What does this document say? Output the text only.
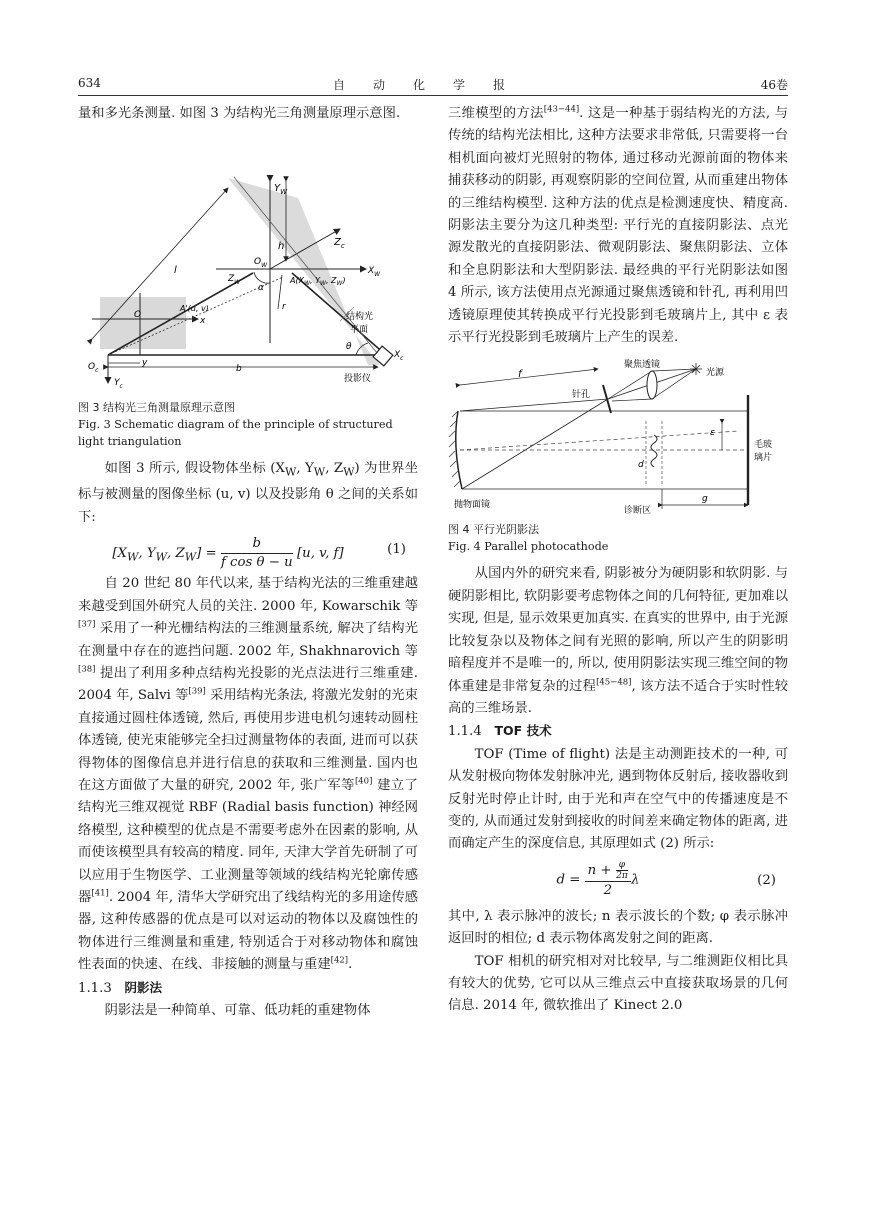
634	自动化学报	46卷

量和多光条测量. 如图 3 为结构光三角测量原理示意图.

$Y_W$
$Z_c$
h
l
$O_W$
$X_W$
$Z_W$
α
$A(X_W$, $Y_W$, $Z_W$)
r
结构光
平面
O
A'(u, v)
x
y
θ
$O_c$	b
$Y_c$
$X_c$
投影仪

图 3 结构光三角测量原理示意图

Fig. 3 Schematic diagram of the principle of structured

light triangulation

如图 3 所示, 假设物体坐标 ($X_W$, $Y_W$, $Z_W$) 为世界坐标与被测量的图像坐标 (u, v) 以及投影角 θ 之间的关系如下:

[$X_W$, $Y_W$, $Z_W] = \frac{b}{\text{f cos θ − u}} [u$, v, f]	(1)

自 20 世纪 80 年代以来, 基于结构光法的三维重建越来越受到国外研究人员的关注. 2000 年, Kowarschik 等[37] 采用了一种光栅结构法的三维测量系统, 解决了结构光在测量中存在的遮挡问题. 2002 年, Shakhnarovich 等[38] 提出了利用多种点结构光投影的光点法进行三维重建. 2004 年, Salvi 等[39] 采用结构光条法, 将激光发射的光束直接通过圆柱体透镜, 然后, 再使用步进电机匀速转动圆柱体透镜, 使光束能够完全扫过测量物体的表面, 进而可以获得物体的图像信息并进行信息的获取和三维测量. 国内也在这方面做了大量的研究, 2002 年, 张广军等[40] 建立了结构光三维双视觉 RBF (Radial basis function) 神经网络模型, 这种模型的优点是不需要考虑外在因素的影响, 从而使该模型具有较高的精度. 同年, 天津大学首先研制了可以应用于生物医学、工业测量等领域的线结构光轮廓传感器[41]. 2004 年, 清华大学研究出了线结构光的多用途传感器, 这种传感器的优点是可以对运动的物体以及腐蚀性的物体进行三维测量和重建, 特别适合于对移动物体和腐蚀性表面的快速、在线、非接触的测量与重建[42].

1.1.3 阴影法

阴影法是一种简单、可靠、低功耗的重建物体

三维模型的方法[43−44]. 这是一种基于弱结构光的方法, 与传统的结构光法相比, 这种方法要求非常低, 只需要将一台相机面向被灯光照射的物体, 通过移动光源前面的物体来捕获移动的阴影, 再观察阴影的空间位置, 从而重建出物体的三维结构模型. 这种方法的优点是检测速度快、精度高. 阴影法主要分为这几种类型: 平行光的直接阴影法、点光源发散光的直接阴影法、微观阴影法、聚焦阴影法、立体和全息阴影法和大型阴影法. 最经典的平行光阴影法如图 4 所示, 该方法使用点光源通过聚焦透镜和针孔, 再利用凹透镜原理使其转换成平行光投影到毛玻璃片上, 其中 ε 表示平行光投影到毛玻璃片上产生的误差.

f
聚焦透镜
光源
针孔
ε
毛玻
璃片
d
抛物面镜
诊断区
g

图 4 平行光阴影法

Fig. 4 Parallel photocathode

从国内外的研究来看, 阴影被分为硬阴影和软阴影. 与硬阴影相比, 软阴影要考虑物体之间的几何特征, 更加难以实现, 但是, 显示效果更加真实. 在真实的世界中, 由于光源比较复杂以及物体之间有光照的影响, 所以产生的阴影明暗程度并不是唯一的, 所以, 使用阴影法实现三维空间的物体重建是非常复杂的过程[45−48], 该方法不适合于实时性较高的三维场景.

1.1.4 TOF 技术

TOF (Time of flight) 法是主动测距技术的一种, 可从发射极向物体发射脉冲光, 遇到物体反射后, 接收器收到反射光时停止计时, 由于光和声在空气中的传播速度是不变的, 从而通过发射到接收的时间差来确定物体的距离, 进而确定产生的深度信息, 其原理如式 (2) 所示:

$d = \frac{n + \frac{\varphi}{2\pi}}{2}$ λ	(2)

其中, λ 表示脉冲的波长; n 表示波长的个数; φ 表示脉冲返回时的相位; d 表示物体离发射之间的距离.

TOF 相机的研究相对对比较早, 与二维测距仪相比具有较大的优势, 它可以从三维点云中直接获取场景的几何信息. 2014 年, 微软推出了 Kinect 2.0
